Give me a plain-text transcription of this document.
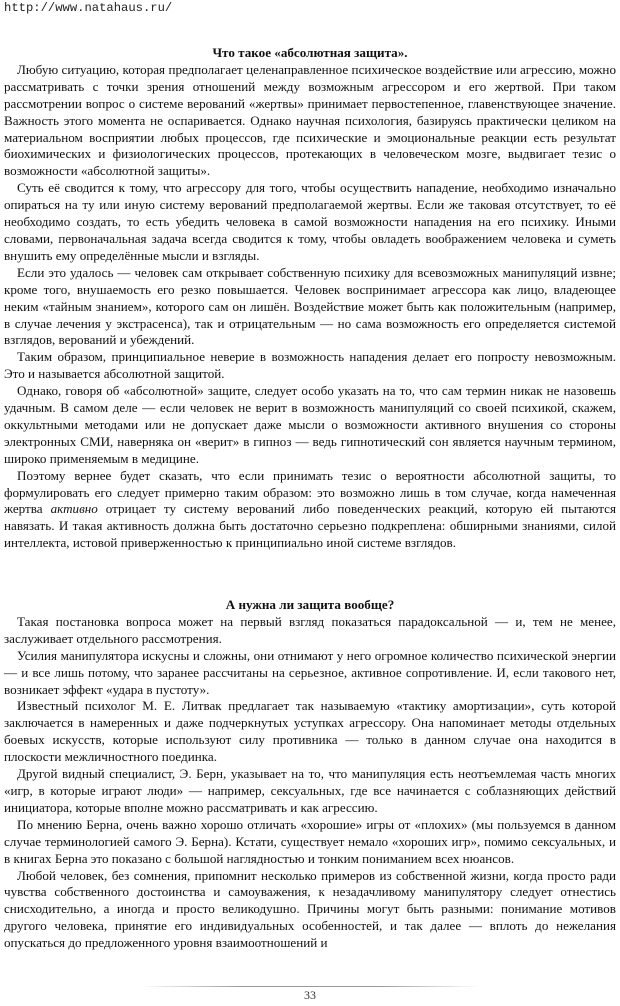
http://www.natahaus.ru/
Что такое «абсолютная защита».

Любую ситуацию, которая предполагает целенаправленное психическое воздействие или агрессию, можно рассматривать с точки зрения отношений между возможным агрессором и его жертвой. При таком рассмотрении вопрос о системе верований «жертвы» принимает первостепенное, главенствующее значение. Важность этого момента не оспаривается. Однако научная психология, базируясь практически целиком на материальном восприятии любых процессов, где психические и эмоциональные реакции есть результат биохимических и физиологических процессов, протекающих в человеческом мозге, выдвигает тезис о возможности «абсолютной защиты».

Суть её сводится к тому, что агрессору для того, чтобы осуществить нападение, необходимо изначально опираться на ту или иную систему верований предполагаемой жертвы. Если же таковая отсутствует, то её необходимо создать, то есть убедить человека в самой возможности нападения на его психику. Иными словами, первоначальная задача всегда сводится к тому, чтобы овладеть воображением человека и суметь внушить ему определённые мысли и взгляды.

Если это удалось — человек сам открывает собственную психику для всевозможных манипуляций извне; кроме того, внушаемость его резко повышается. Человек воспринимает агрессора как лицо, владеющее неким «тайным знанием», которого сам он лишён. Воздействие может быть как положительным (например, в случае лечения у экстрасенса), так и отрицательным — но сама возможность его определяется системой взглядов, верований и убеждений.

Таким образом, принципиальное неверие в возможность нападения делает его попросту невозможным. Это и называется абсолютной защитой.

Однако, говоря об «абсолютной» защите, следует особо указать на то, что сам термин никак не назовешь удачным. В самом деле — если человек не верит в возможность манипуляций со своей психикой, скажем, оккультными методами или не допускает даже мысли о возможности активного внушения со стороны электронных СМИ, наверняка он «верит» в гипноз — ведь гипнотический сон является научным термином, широко применяемым в медицине.

Поэтому вернее будет сказать, что если принимать тезис о вероятности абсолютной защиты, то формулировать его следует примерно таким образом: это возможно лишь в том случае, когда намеченная жертва активно отрицает ту систему верований либо поведенческих реакций, которую ей пытаются навязать. И такая активность должна быть достаточно серьезно подкреплена: обширными знаниями, силой интеллекта, истовой приверженностью к принципиально иной системе взглядов.

А нужна ли защита вообще?

Такая постановка вопроса может на первый взгляд показаться парадоксальной — и, тем не менее, заслуживает отдельного рассмотрения.

Усилия манипулятора искусны и сложны, они отнимают у него огромное количество психической энергии — и все лишь потому, что заранее рассчитаны на серьезное, активное сопротивление. И, если такового нет, возникает эффект «удара в пустоту».

Известный психолог М. Е. Литвак предлагает так называемую «тактику амортизации», суть которой заключается в намеренных и даже подчеркнутых уступках агрессору. Она напоминает методы отдельных боевых искусств, которые используют силу противника — только в данном случае она находится в плоскости межличностного поединка.

Другой видный специалист, Э. Берн, указывает на то, что манипуляция есть неотъемлемая часть многих «игр, в которые играют люди» — например, сексуальных, где все начинается с соблазняющих действий инициатора, которые вполне можно рассматривать и как агрессию.

По мнению Берна, очень важно хорошо отличать «хорошие» игры от «плохих» (мы пользуемся в данном случае терминологией самого Э. Берна). Кстати, существует немало «хороших игр», помимо сексуальных, и в книгах Берна это показано с большой наглядностью и тонким пониманием всех нюансов.

Любой человек, без сомнения, припомнит несколько примеров из собственной жизни, когда просто ради чувства собственного достоинства и самоуважения, к незадачливому манипулятору следует отнестись снисходительно, а иногда и просто великодушно. Причины могут быть разными: понимание мотивов другого человека, принятие его индивидуальных особенностей, и так далее — вплоть до нежелания опускаться до предложенного уровня взаимоотношений и

33
